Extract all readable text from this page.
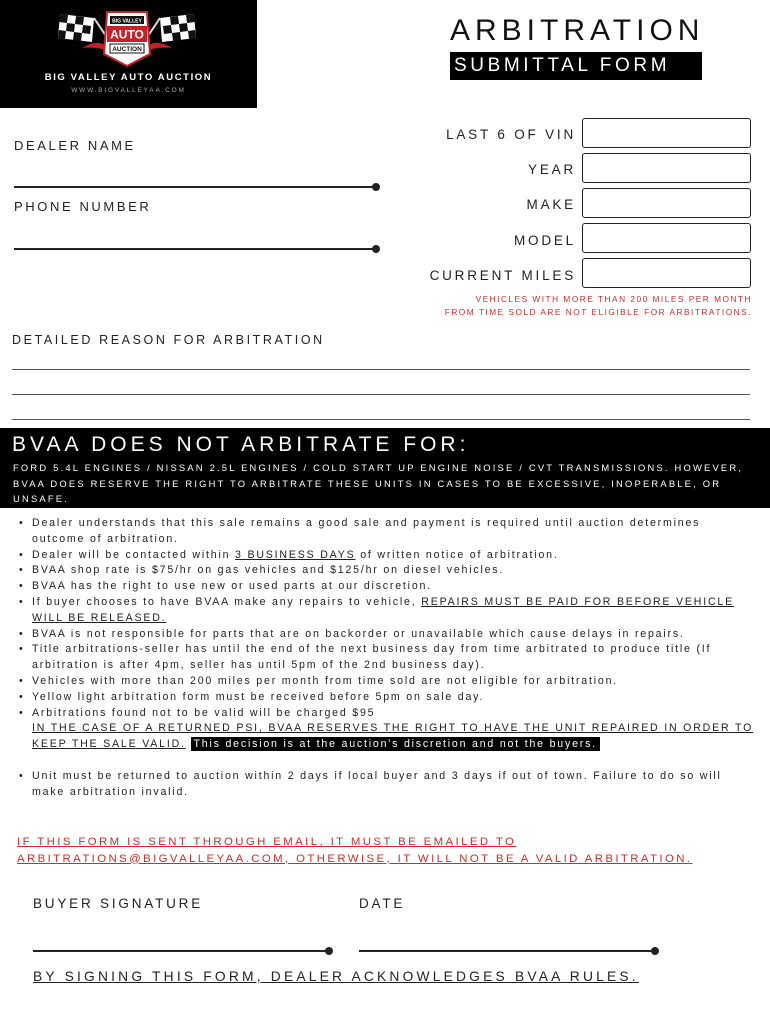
BIG VALLEY
AUTO
AUCTION
BIG VALLEY AUTO AUCTION
WWW.BIGVALLEYAA.COM
ARBITRATION
SUBMITTAL FORM
DEALER NAME
PHONE NUMBER
LAST 6 OF VIN
YEAR
MAKE
MODEL
CURRENT MILES
VEHICLES WITH MORE THAN 200 MILES PER MONTH
FROM TIME SOLD ARE NOT ELIGIBLE FOR ARBITRATIONS.
DETAILED REASON FOR ARBITRATION
BVAA DOES NOT ARBITRATE FOR:
FORD 5.4L ENGINES / NISSAN 2.5L ENGINES / COLD START UP ENGINE NOISE / CVT TRANSMISSIONS. HOWEVER, BVAA DOES RESERVE THE RIGHT TO ARBITRATE THESE UNITS IN CASES TO BE EXCESSIVE, INOPERABLE, OR UNSAFE.
• Dealer understands that this sale remains a good sale and payment is required until auction determines outcome of arbitration.
• Dealer will be contacted within 3 BUSINESS DAYS of written notice of arbitration.
• BVAA shop rate is $75/hr on gas vehicles and $125/hr on diesel vehicles.
• BVAA has the right to use new or used parts at our discretion.
• If buyer chooses to have BVAA make any repairs to vehicle, REPAIRS MUST BE PAID FOR BEFORE VEHICLE WILL BE RELEASED.
• BVAA is not responsible for parts that are on backorder or unavailable which cause delays in repairs.
• Title arbitrations-seller has until the end of the next business day from time arbitrated to produce title (If arbitration is after 4pm, seller has until 5pm of the 2nd business day).
• Vehicles with more than 200 miles per month from time sold are not eligible for arbitration.
• Yellow light arbitration form must be received before 5pm on sale day.
• Arbitrations found not to be valid will be charged $95
IN THE CASE OF A RETURNED PSI, BVAA RESERVES THE RIGHT TO HAVE THE UNIT REPAIRED IN ORDER TO KEEP THE SALE VALID. This decision is at the auction's discretion and not the buyers.
• Unit must be returned to auction within 2 days if local buyer and 3 days if out of town. Failure to do so will make arbitration invalid.
IF THIS FORM IS SENT THROUGH EMAIL, IT MUST BE EMAILED TO
ARBITRATIONS@BIGVALLEYAA.COM, OTHERWISE, IT WILL NOT BE A VALID ARBITRATION.
BUYER SIGNATURE	DATE
BY SIGNING THIS FORM, DEALER ACKNOWLEDGES BVAA RULES.
